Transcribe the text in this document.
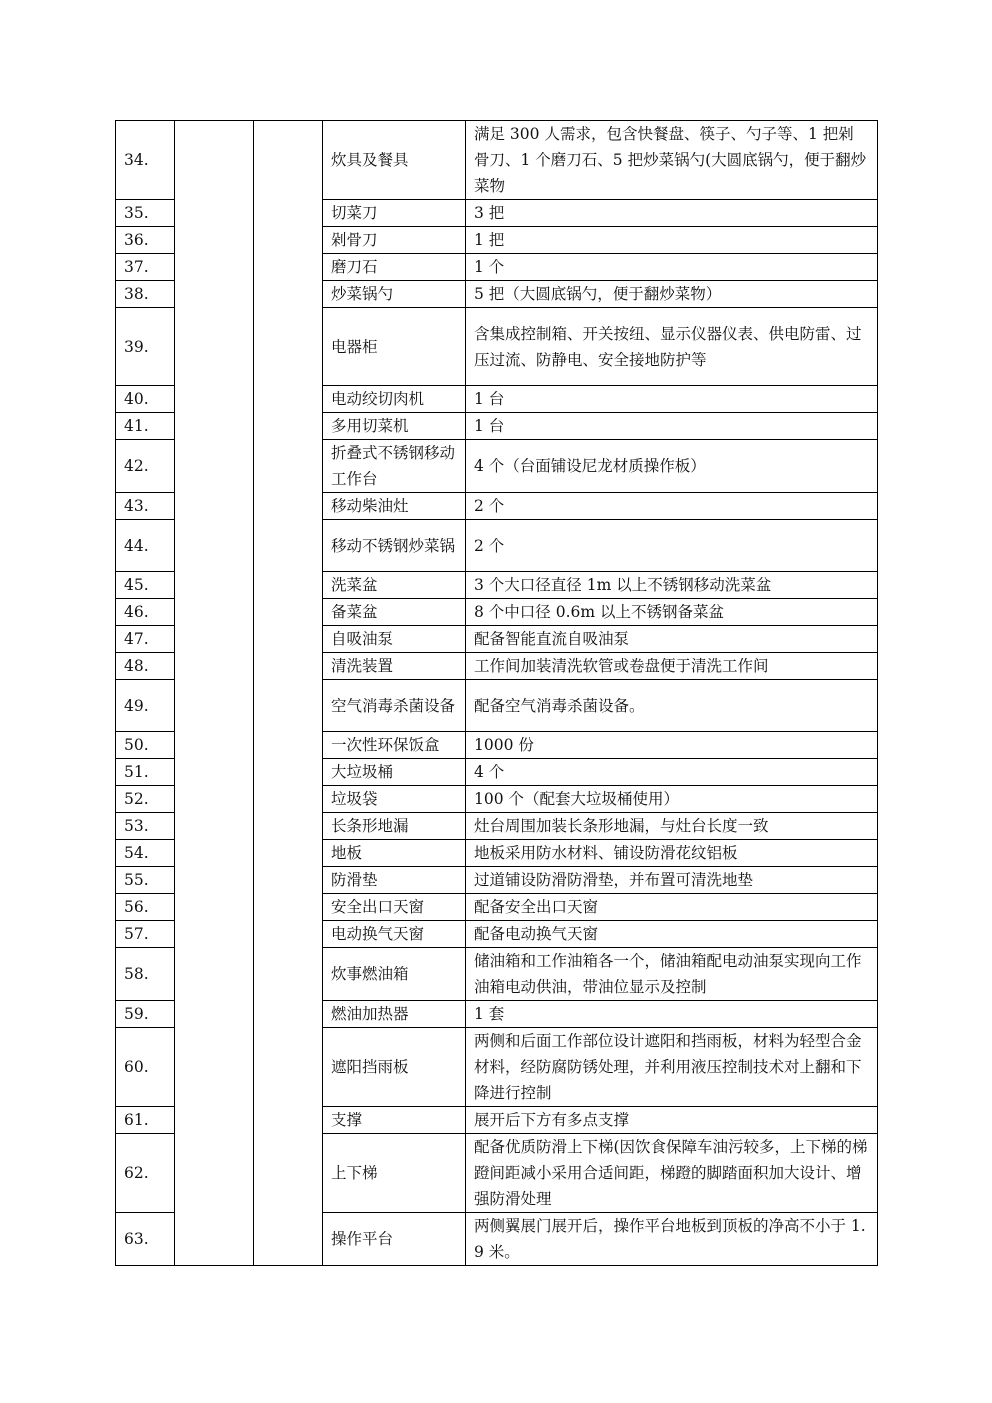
34.			炊具及餐具	满足 300 人需求，包含快餐盘、筷子、勺子等、1 把剁骨刀、1 个磨刀石、5 把炒菜锅勺(大圆底锅勺，便于翻炒菜物
35.			切菜刀	3 把
36.			剁骨刀	1 把
37.			磨刀石	1 个
38.			炒菜锅勺	5 把（大圆底锅勺，便于翻炒菜物）
39.			电器柜	含集成控制箱、开关按纽、显示仪器仪表、供电防雷、过压过流、防静电、安全接地防护等
40.			电动绞切肉机	1 台
41.			多用切菜机	1 台
42.			折叠式不锈钢移动工作台	4 个（台面铺设尼龙材质操作板）
43.			移动柴油灶	2 个
44.			移动不锈钢炒菜锅	2 个
45.			洗菜盆	3 个大口径直径 1m 以上不锈钢移动洗菜盆
46.			备菜盆	8 个中口径 0.6m 以上不锈钢备菜盆
47.			自吸油泵	配备智能直流自吸油泵
48.			清洗装置	工作间加装清洗软管或卷盘便于清洗工作间
49.			空气消毒杀菌设备	配备空气消毒杀菌设备。
50.			一次性环保饭盒	1000 份
51.			大垃圾桶	4 个
52.			垃圾袋	100 个（配套大垃圾桶使用）
53.			长条形地漏	灶台周围加装长条形地漏，与灶台长度一致
54.			地板	地板采用防水材料、铺设防滑花纹铝板
55.			防滑垫	过道铺设防滑防滑垫，并布置可清洗地垫
56.			安全出口天窗	配备安全出口天窗
57.			电动换气天窗	配备电动换气天窗
58.			炊事燃油箱	储油箱和工作油箱各一个，储油箱配电动油泵实现向工作油箱电动供油，带油位显示及控制
59.			燃油加热器	1 套
60.			遮阳挡雨板	两侧和后面工作部位设计遮阳和挡雨板，材料为轻型合金材料，经防腐防锈处理，并利用液压控制技术对上翻和下降进行控制
61.			支撑	展开后下方有多点支撑
62.			上下梯	配备优质防滑上下梯(因饮食保障车油污较多，上下梯的梯蹬间距减小采用合适间距，梯蹬的脚踏面积加大设计、增强防滑处理
63.			操作平台	两侧翼展门展开后，操作平台地板到顶板的净高不小于 1.9 米。
